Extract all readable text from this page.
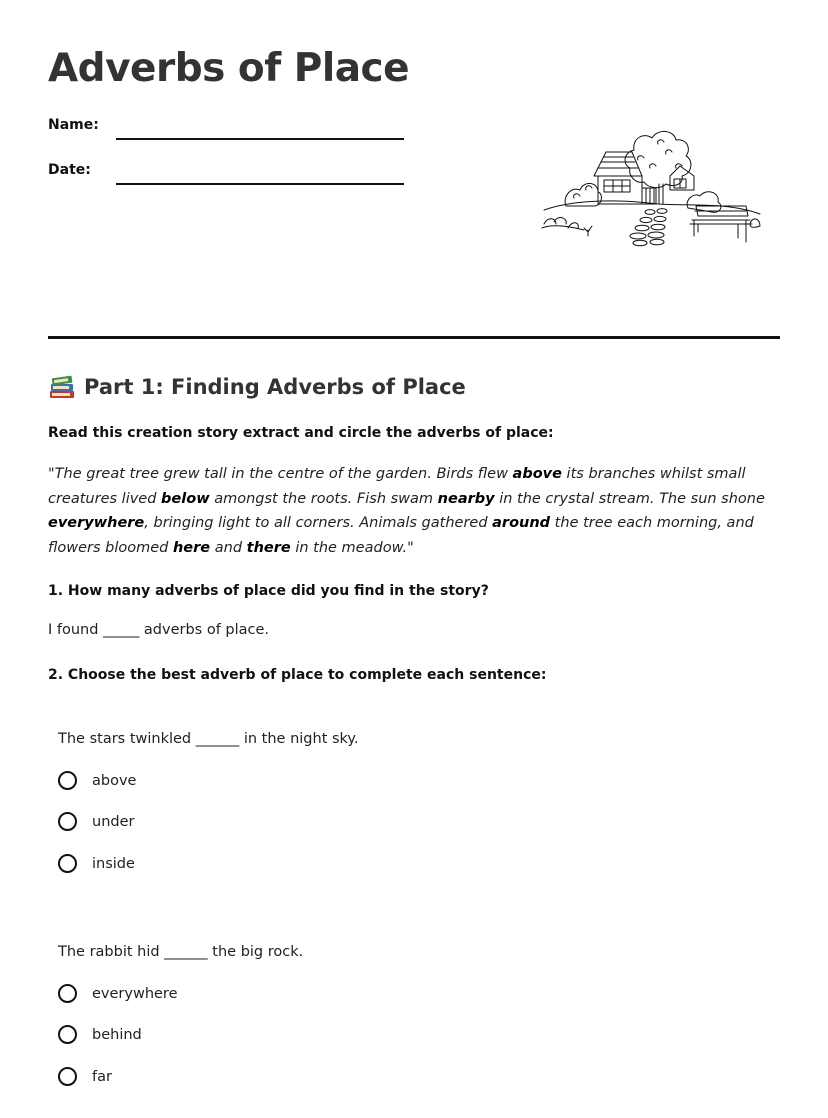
Adverbs of Place
Name:
Date:
Part 1: Finding Adverbs of Place
Read this creation story extract and circle the adverbs of place:
"The great tree grew tall in the centre of the garden. Birds flew above its branches whilst small creatures lived below amongst the roots. Fish swam nearby in the crystal stream. The sun shone everywhere, bringing light to all corners. Animals gathered around the tree each morning, and flowers bloomed here and there in the meadow."
1. How many adverbs of place did you find in the story?
I found _____ adverbs of place.
2. Choose the best adverb of place to complete each sentence:
The stars twinkled ______ in the night sky.
above
under
inside
The rabbit hid ______ the big rock.
everywhere
behind
far
